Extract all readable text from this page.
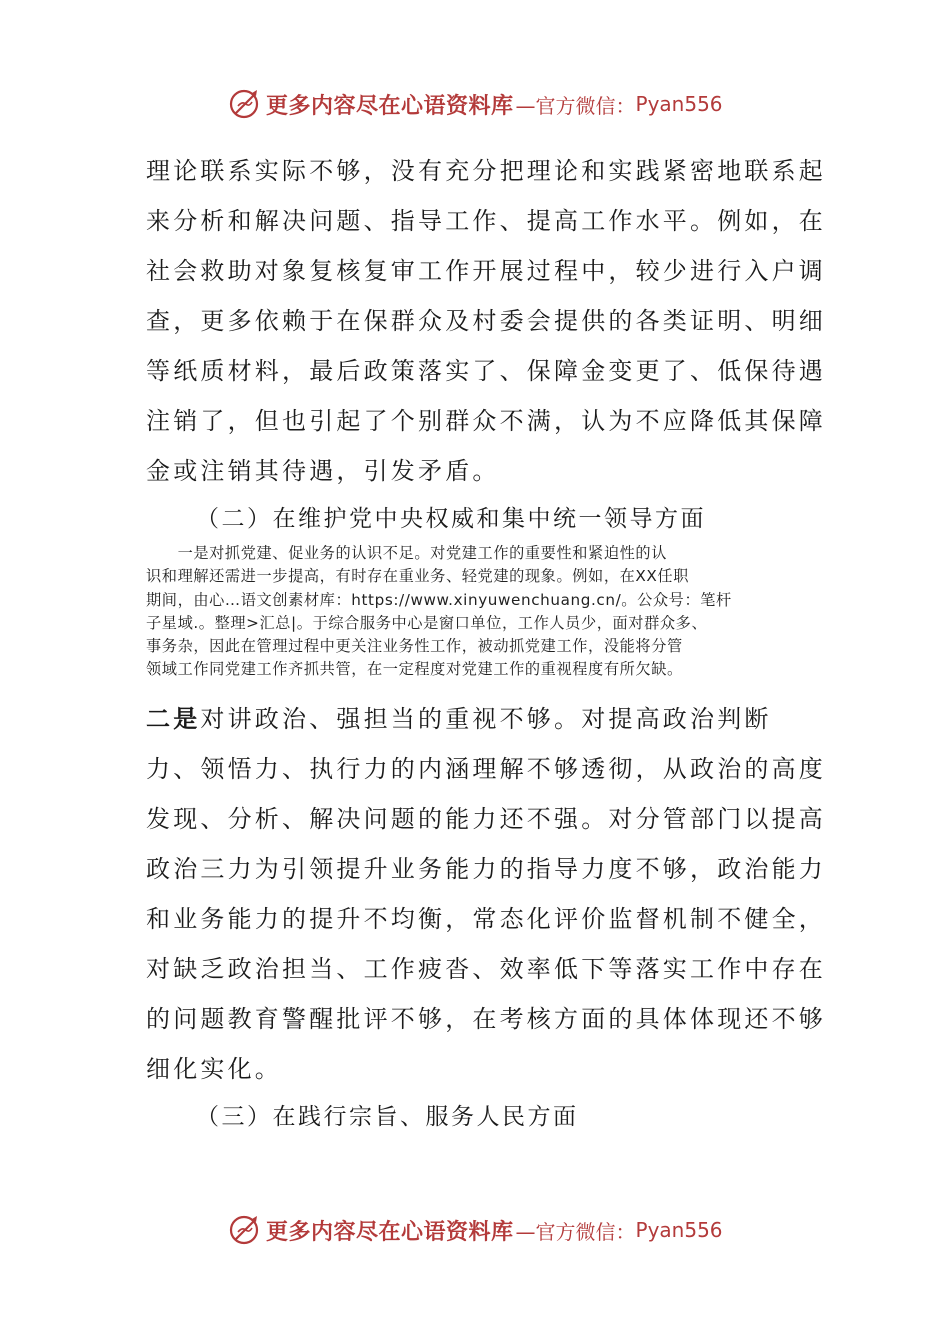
更多内容尽在心语资料库 —官方微信： Pyan556
理论联系实际不够，没有充分把理论和实践紧密地联系起
来分析和解决问题、指导工作、提高工作水平。例如，在
社会救助对象复核复审工作开展过程中，较少进行入户调
查，更多依赖于在保群众及村委会提供的各类证明、明细
等纸质材料，最后政策落实了、保障金变更了、低保待遇
注销了，但也引起了个别群众不满，认为不应降低其保障
金或注销其待遇，引发矛盾。
（二）在维护党中央权威和集中统一领导方面
　　一是对抓党建、促业务的认识不足。对党建工作的重要性和紧迫性的认
识和理解还需进一步提高，有时存在重业务、轻党建的现象。例如，在XX任职
期间，由心…语文创素材库：https://www.xinyuwenchuang.cn/。公众号：笔杆
子星域.。整理>汇总|。于综合服务中心是窗口单位，工作人员少，面对群众多、
事务杂，因此在管理过程中更关注业务性工作，被动抓党建工作，没能将分管
领域工作同党建工作齐抓共管，在一定程度对党建工作的重视程度有所欠缺。
二是对讲政治、强担当的重视不够。对提高政治判断
力、领悟力、执行力的内涵理解不够透彻，从政治的高度
发现、分析、解决问题的能力还不强。对分管部门以提高
政治三力为引领提升业务能力的指导力度不够，政治能力
和业务能力的提升不均衡，常态化评价监督机制不健全，
对缺乏政治担当、工作疲沓、效率低下等落实工作中存在
的问题教育警醒批评不够，在考核方面的具体体现还不够
细化实化。
（三）在践行宗旨、服务人民方面
更多内容尽在心语资料库 —官方微信： Pyan556
